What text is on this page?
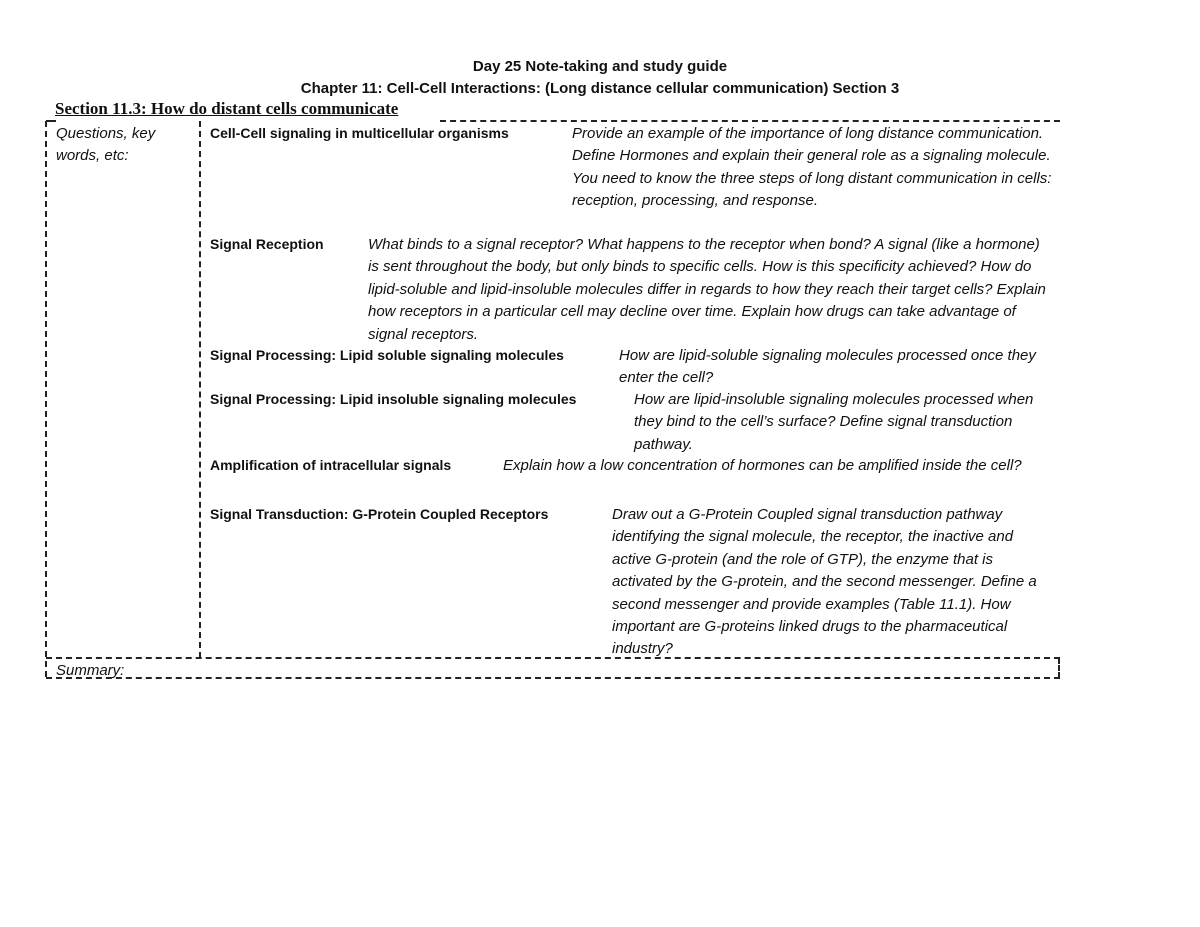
Day 25 Note-taking and study guide
Chapter 11: Cell-Cell Interactions: (Long distance cellular communication) Section 3
Section 11.3: How do distant cells communicate
Questions, key words, etc:
Summary:
Cell-Cell signaling in multicellular organisms	Provide an example of the importance of long distance communication. Define Hormones and explain their general role as a signaling molecule. You need to know the three steps of long distant communication in cells: reception, processing, and response.
Signal Reception	What binds to a signal receptor? What happens to the receptor when bond? A signal (like a hormone) is sent throughout the body, but only binds to specific cells. How is this specificity achieved? How do lipid-soluble and lipid-insoluble molecules differ in regards to how they reach their target cells? Explain how receptors in a particular cell may decline over time. Explain how drugs can take advantage of signal receptors.
Signal Processing: Lipid soluble signaling molecules	How are lipid-soluble signaling molecules processed once they enter the cell?
Signal Processing: Lipid insoluble signaling molecules	How are lipid-insoluble signaling molecules processed when they bind to the cell’s surface? Define signal transduction pathway.
Amplification of intracellular signals	Explain how a low concentration of hormones can be amplified inside the cell?
Signal Transduction: G-Protein Coupled Receptors	Draw out a G-Protein Coupled signal transduction pathway identifying the signal molecule, the receptor, the inactive and active G-protein (and the role of GTP), the enzyme that is activated by the G-protein, and the second messenger. Define a second messenger and provide examples (Table 11.1). How important are G-proteins linked drugs to the pharmaceutical industry?
